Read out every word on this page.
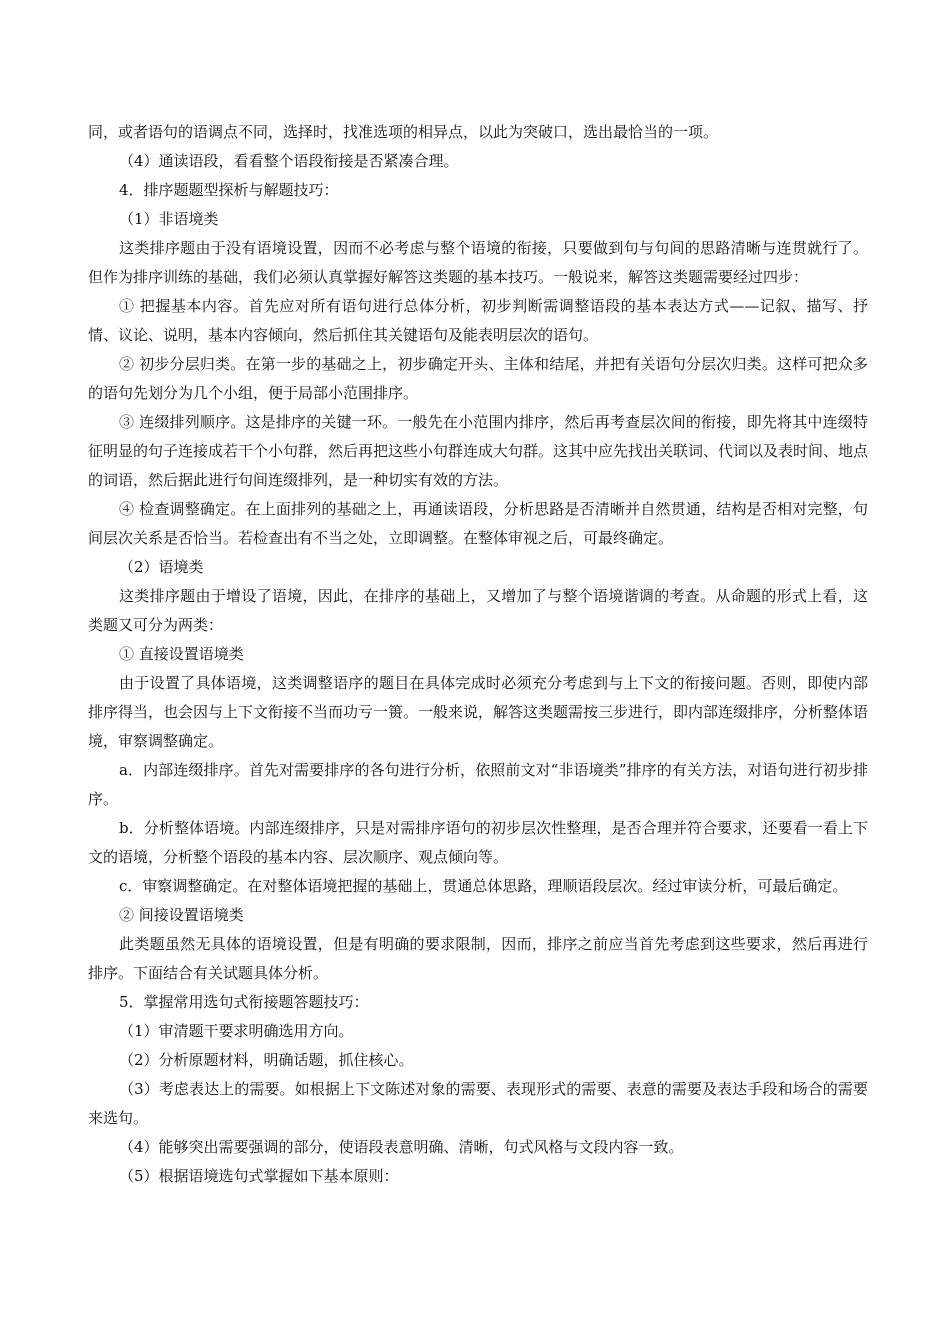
同，或者语句的语调点不同，选择时，找准选项的相异点，以此为突破口，选出最恰当的一项。

（4）通读语段，看看整个语段衔接是否紧凑合理。

4．排序题题型探析与解题技巧：

（1）非语境类

这类排序题由于没有语境设置，因而不必考虑与整个语境的衔接，只要做到句与句间的思路清晰与连贯就行了。但作为排序训练的基础，我们必须认真掌握好解答这类题的基本技巧。一般说来，解答这类题需要经过四步：

① 把握基本内容。首先应对所有语句进行总体分析，初步判断需调整语段的基本表达方式——记叙、描写、抒情、议论、说明，基本内容倾向，然后抓住其关键语句及能表明层次的语句。

② 初步分层归类。在第一步的基础之上，初步确定开头、主体和结尾，并把有关语句分层次归类。这样可把众多的语句先划分为几个小组，便于局部小范围排序。

③ 连缀排列顺序。这是排序的关键一环。一般先在小范围内排序，然后再考查层次间的衔接，即先将其中连缀特征明显的句子连接成若干个小句群，然后再把这些小句群连成大句群。这其中应先找出关联词、代词以及表时间、地点的词语，然后据此进行句间连缀排列，是一种切实有效的方法。

④ 检查调整确定。在上面排列的基础之上，再通读语段，分析思路是否清晰并自然贯通，结构是否相对完整，句间层次关系是否恰当。若检查出有不当之处，立即调整。在整体审视之后，可最终确定。

（2）语境类

这类排序题由于增设了语境，因此，在排序的基础上，又增加了与整个语境谐调的考查。从命题的形式上看，这类题又可分为两类：

① 直接设置语境类

由于设置了具体语境，这类调整语序的题目在具体完成时必须充分考虑到与上下文的衔接问题。否则，即使内部排序得当，也会因与上下文衔接不当而功亏一篑。一般来说，解答这类题需按三步进行，即内部连缀排序，分析整体语境，审察调整确定。

a．内部连缀排序。首先对需要排序的各句进行分析，依照前文对“非语境类”排序的有关方法，对语句进行初步排序。

b．分析整体语境。内部连缀排序，只是对需排序语句的初步层次性整理，是否合理并符合要求，还要看一看上下文的语境，分析整个语段的基本内容、层次顺序、观点倾向等。

c．审察调整确定。在对整体语境把握的基础上，贯通总体思路，理顺语段层次。经过审读分析，可最后确定。

② 间接设置语境类

此类题虽然无具体的语境设置，但是有明确的要求限制，因而，排序之前应当首先考虑到这些要求，然后再进行排序。下面结合有关试题具体分析。

5．掌握常用选句式衔接题答题技巧：

（1）审清题干要求明确选用方向。

（2）分析原题材料，明确话题，抓住核心。

（3）考虑表达上的需要。如根据上下文陈述对象的需要、表现形式的需要、表意的需要及表达手段和场合的需要来选句。

（4）能够突出需要强调的部分，使语段表意明确、清晰，句式风格与文段内容一致。

（5）根据语境选句式掌握如下基本原则：
